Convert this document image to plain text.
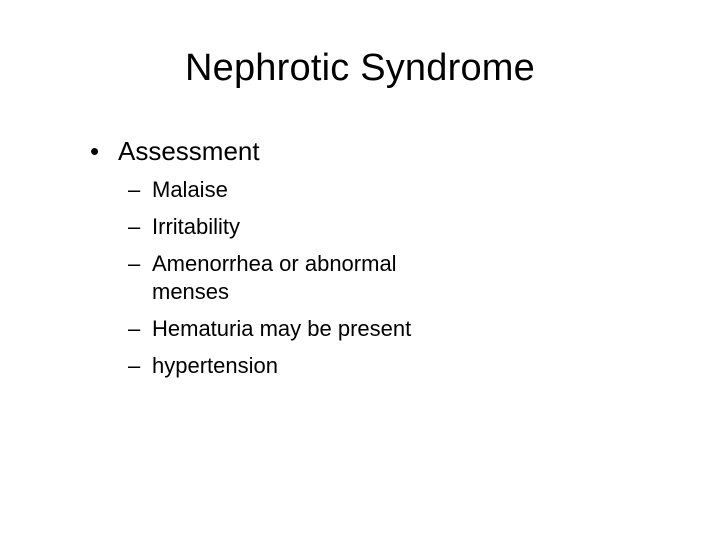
Nephrotic Syndrome
• Assessment
– Malaise
– Irritability
– Amenorrhea or abnormal menses
– Hematuria may be present
– hypertension
